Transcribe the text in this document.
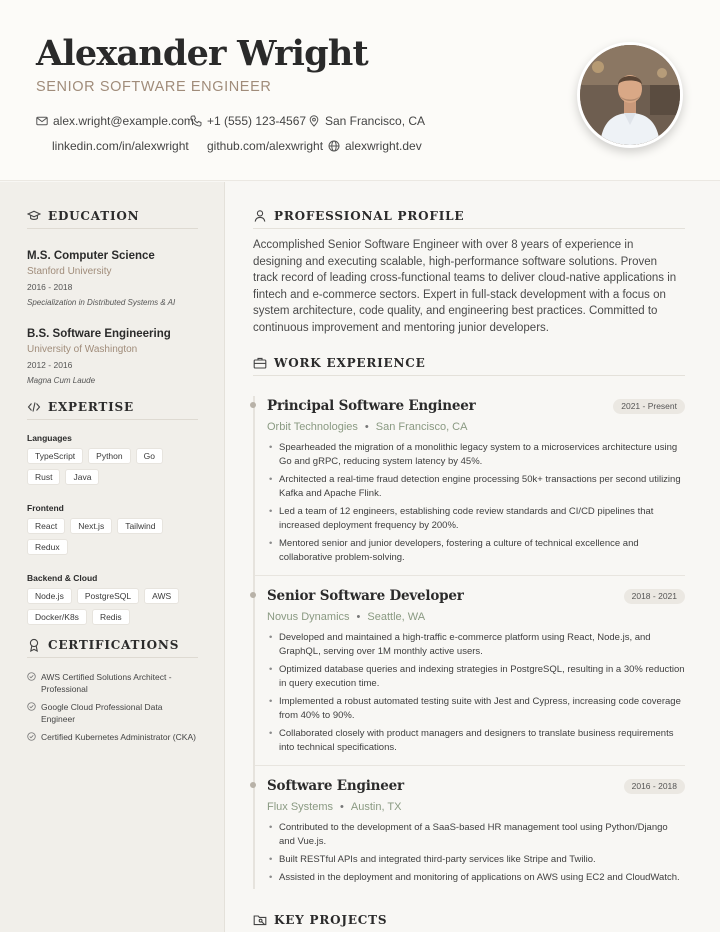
Alexander Wright
SENIOR SOFTWARE ENGINEER
alex.wright@example.com +1 (555) 123-4567 San Francisco, CA
linkedin.com/in/alexwright github.com/alexwright alexwright.dev
EDUCATION
M.S. Computer Science
Stanford University
2016 - 2018
Specialization in Distributed Systems & AI
B.S. Software Engineering
University of Washington
2012 - 2016
Magna Cum Laude
EXPERTISE
Languages
TypeScript	Python	Go
Rust	Java
Frontend
React	Next.js	Tailwind
Redux
Backend & Cloud
Node.js	PostgreSQL	AWS
Docker/K8s	Redis
CERTIFICATIONS
AWS Certified Solutions Architect - Professional
Google Cloud Professional Data Engineer
Certified Kubernetes Administrator (CKA)
PROFESSIONAL PROFILE

Accomplished Senior Software Engineer with over 8 years of experience in designing and executing scalable, high-performance software solutions. Proven track record of leading cross-functional teams to deliver cloud-native applications in fintech and e-commerce sectors. Expert in full-stack development with a focus on system architecture, code quality, and engineering best practices. Committed to continuous improvement and mentoring junior developers.

WORK EXPERIENCE
Principal Software Engineer	2021 - Present
Orbit Technologies • San Francisco, CA
• Spearheaded the migration of a monolithic legacy system to a microservices architecture using Go and gRPC, reducing system latency by 45%.
• Architected a real-time fraud detection engine processing 50k+ transactions per second utilizing Kafka and Apache Flink.
• Led a team of 12 engineers, establishing code review standards and CI/CD pipelines that increased deployment frequency by 200%.
• Mentored senior and junior developers, fostering a culture of technical excellence and collaborative problem-solving.
Senior Software Developer	2018 - 2021
Novus Dynamics • Seattle, WA
• Developed and maintained a high-traffic e-commerce platform using React, Node.js, and GraphQL, serving over 1M monthly active users.
• Optimized database queries and indexing strategies in PostgreSQL, resulting in a 30% reduction in query execution time.
• Implemented a robust automated testing suite with Jest and Cypress, increasing code coverage from 40% to 90%.
• Collaborated closely with product managers and designers to translate business requirements into technical specifications.
Software Engineer	2016 - 2018
Flux Systems • Austin, TX
• Contributed to the development of a SaaS-based HR management tool using Python/Django and Vue.js.
• Built RESTful APIs and integrated third-party services like Stripe and Twilio.
• Assisted in the deployment and monitoring of applications on AWS using EC2 and CloudWatch.
KEY PROJECTS
